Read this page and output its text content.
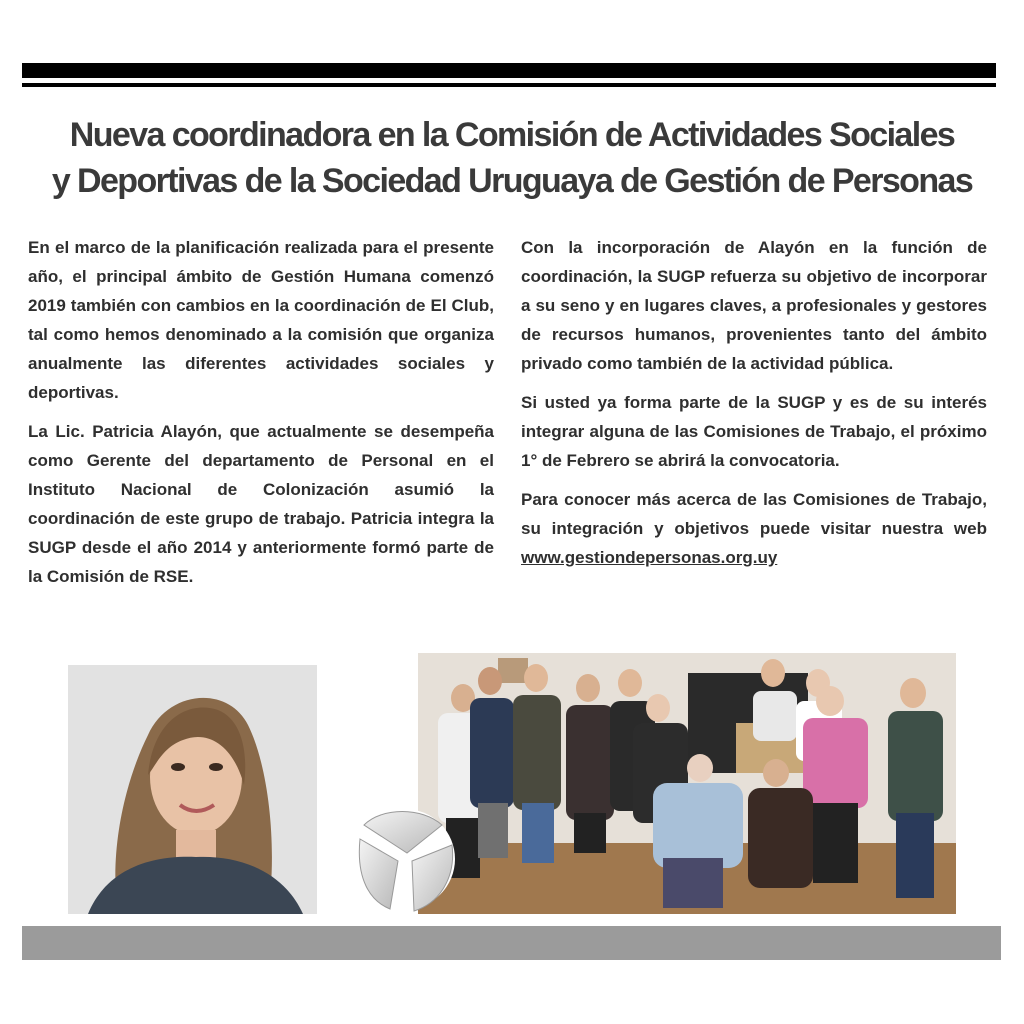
Nueva coordinadora en la Comisión de Actividades Sociales
y Deportivas de la Sociedad Uruguaya de Gestión de Personas

En el marco de la planificación realizada para el presente año, el principal ámbito de Gestión Humana comenzó 2019 también con cambios en la coordinación de El Club, tal como hemos denominado a la comisión que organiza anualmente las diferentes actividades sociales y deportivas.

La Lic. Patricia Alayón, que actualmente se desempeña como Gerente del departamento de Personal en el Instituto Nacional de Colonización asumió la coordinación de este grupo de trabajo. Patricia integra la SUGP desde el año 2014 y anteriormente formó parte de la Comisión de RSE.

Con la incorporación de Alayón en la función de coordinación, la SUGP refuerza su objetivo de incorporar a su seno y en lugares claves, a profesionales y gestores de recursos humanos, provenientes tanto del ámbito privado como también de la actividad pública.

Si usted ya forma parte de la SUGP y es de su interés integrar alguna de las Comisiones de Trabajo, el próximo 1° de Febrero se abrirá la convocatoria.

Para conocer más acerca de las Comisiones de Trabajo, su integración y objetivos puede visitar nuestra web www.gestiondepersonas.org.uy
